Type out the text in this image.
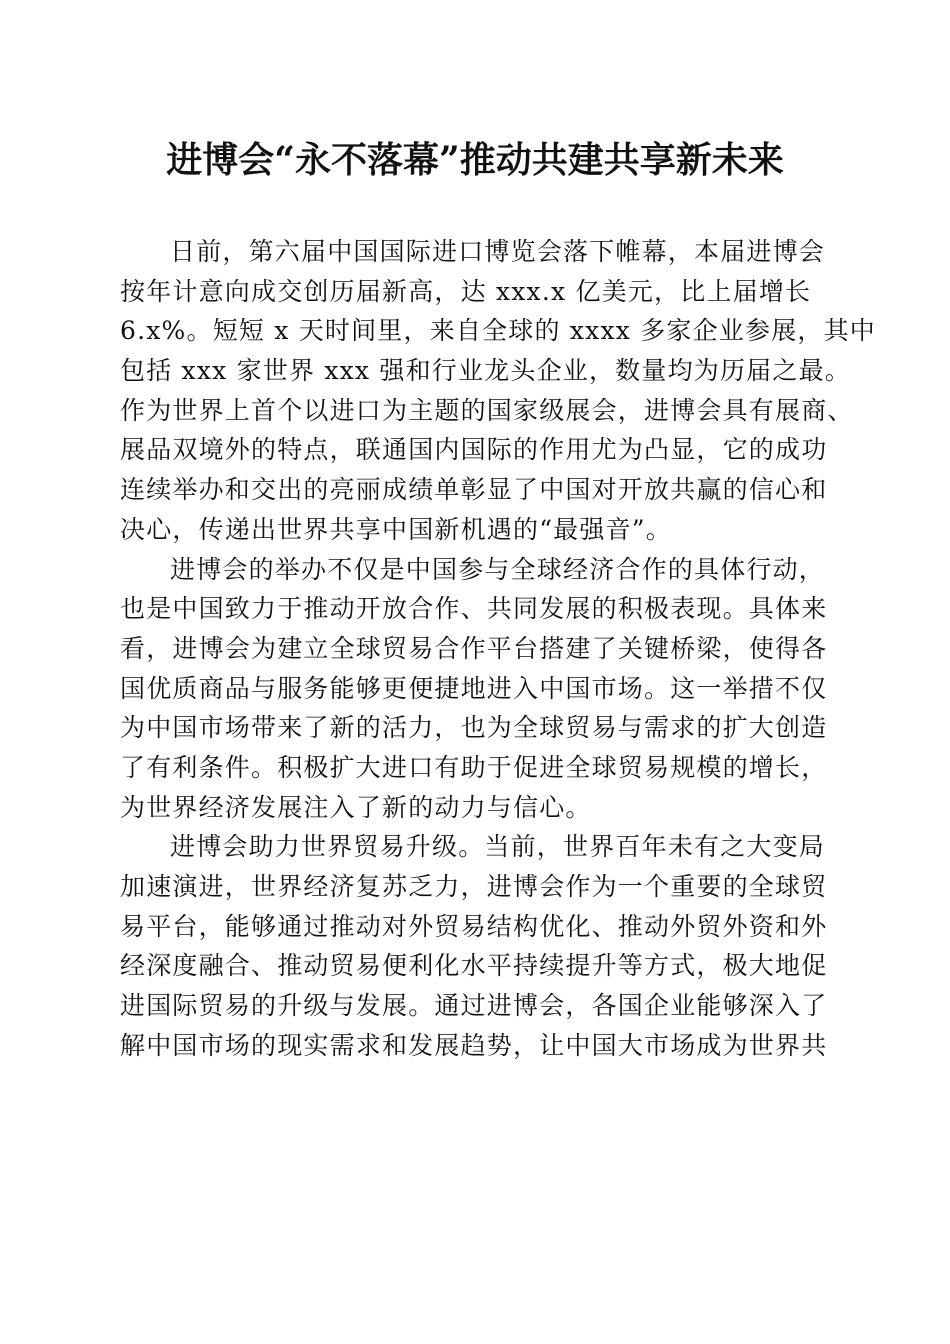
进博会“永不落幕”推动共建共享新未来

日前，第六届中国国际进口博览会落下帷幕，本届进博会
按年计意向成交创历届新高，达 xxx.x 亿美元，比上届增长
6.x%。短短 x 天时间里，来自全球的 xxxx 多家企业参展，其中
包括 xxx 家世界 xxx 强和行业龙头企业，数量均为历届之最。
作为世界上首个以进口为主题的国家级展会，进博会具有展商、
展品双境外的特点，联通国内国际的作用尤为凸显，它的成功
连续举办和交出的亮丽成绩单彰显了中国对开放共赢的信心和
决心，传递出世界共享中国新机遇的“最强音”。

进博会的举办不仅是中国参与全球经济合作的具体行动，
也是中国致力于推动开放合作、共同发展的积极表现。具体来
看，进博会为建立全球贸易合作平台搭建了关键桥梁，使得各
国优质商品与服务能够更便捷地进入中国市场。这一举措不仅
为中国市场带来了新的活力，也为全球贸易与需求的扩大创造
了有利条件。积极扩大进口有助于促进全球贸易规模的增长，
为世界经济发展注入了新的动力与信心。

进博会助力世界贸易升级。当前，世界百年未有之大变局
加速演进，世界经济复苏乏力，进博会作为一个重要的全球贸
易平台，能够通过推动对外贸易结构优化、推动外贸外资和外
经深度融合、推动贸易便利化水平持续提升等方式，极大地促
进国际贸易的升级与发展。通过进博会，各国企业能够深入了
解中国市场的现实需求和发展趋势，让中国大市场成为世界共
